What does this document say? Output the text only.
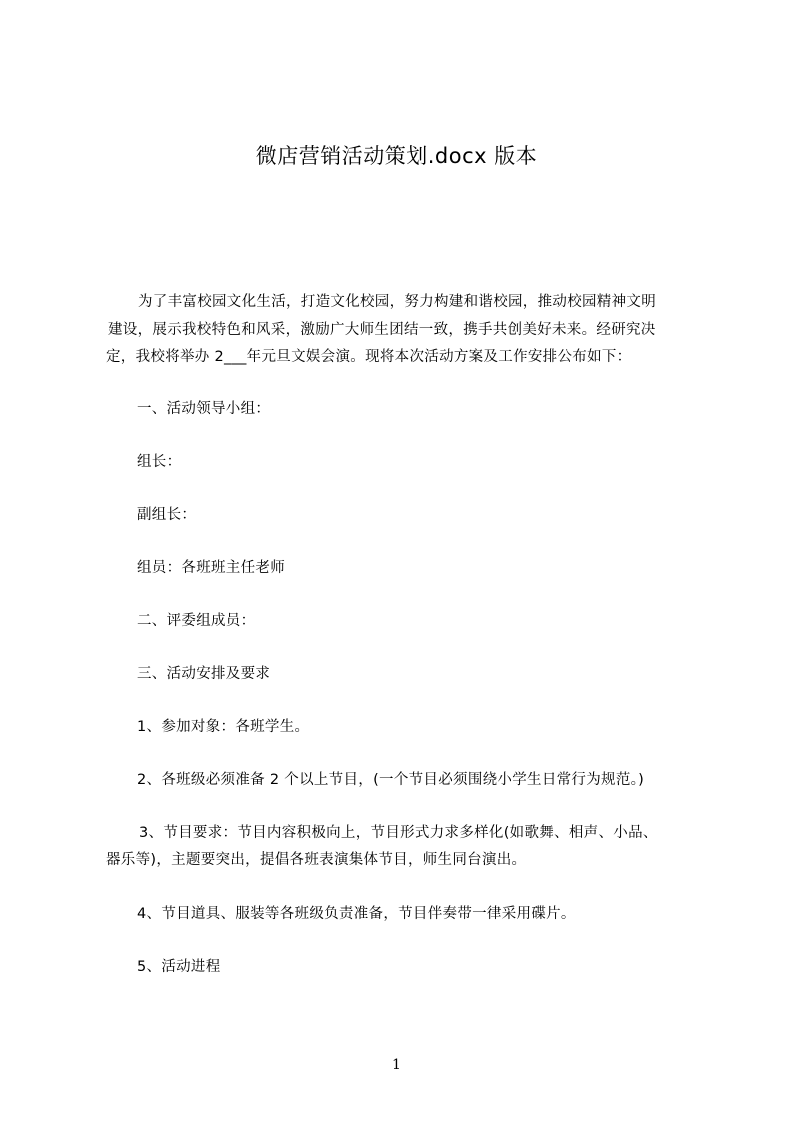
微店营销活动策划.docx 版本
为了丰富校园文化生活，打造文化校园，努力构建和谐校园，推动校园精神文明
建设，展示我校特色和风采，激励广大师生团结一致，携手共创美好未来。经研究决
定，我校将举办 2___年元旦文娱会演。现将本次活动方案及工作安排公布如下：
一、活动领导小组：
组长：
副组长：
组员：各班班主任老师
二、评委组成员：
三、活动安排及要求
1、参加对象：各班学生。
2、各班级必须准备 2 个以上节目，(一个节目必须围绕小学生日常行为规范。)
3、节目要求：节目内容积极向上，节目形式力求多样化(如歌舞、相声、小品、
器乐等)，主题要突出，提倡各班表演集体节目，师生同台演出。
4、节目道具、服装等各班级负责准备，节目伴奏带一律采用碟片。
5、活动进程
1
